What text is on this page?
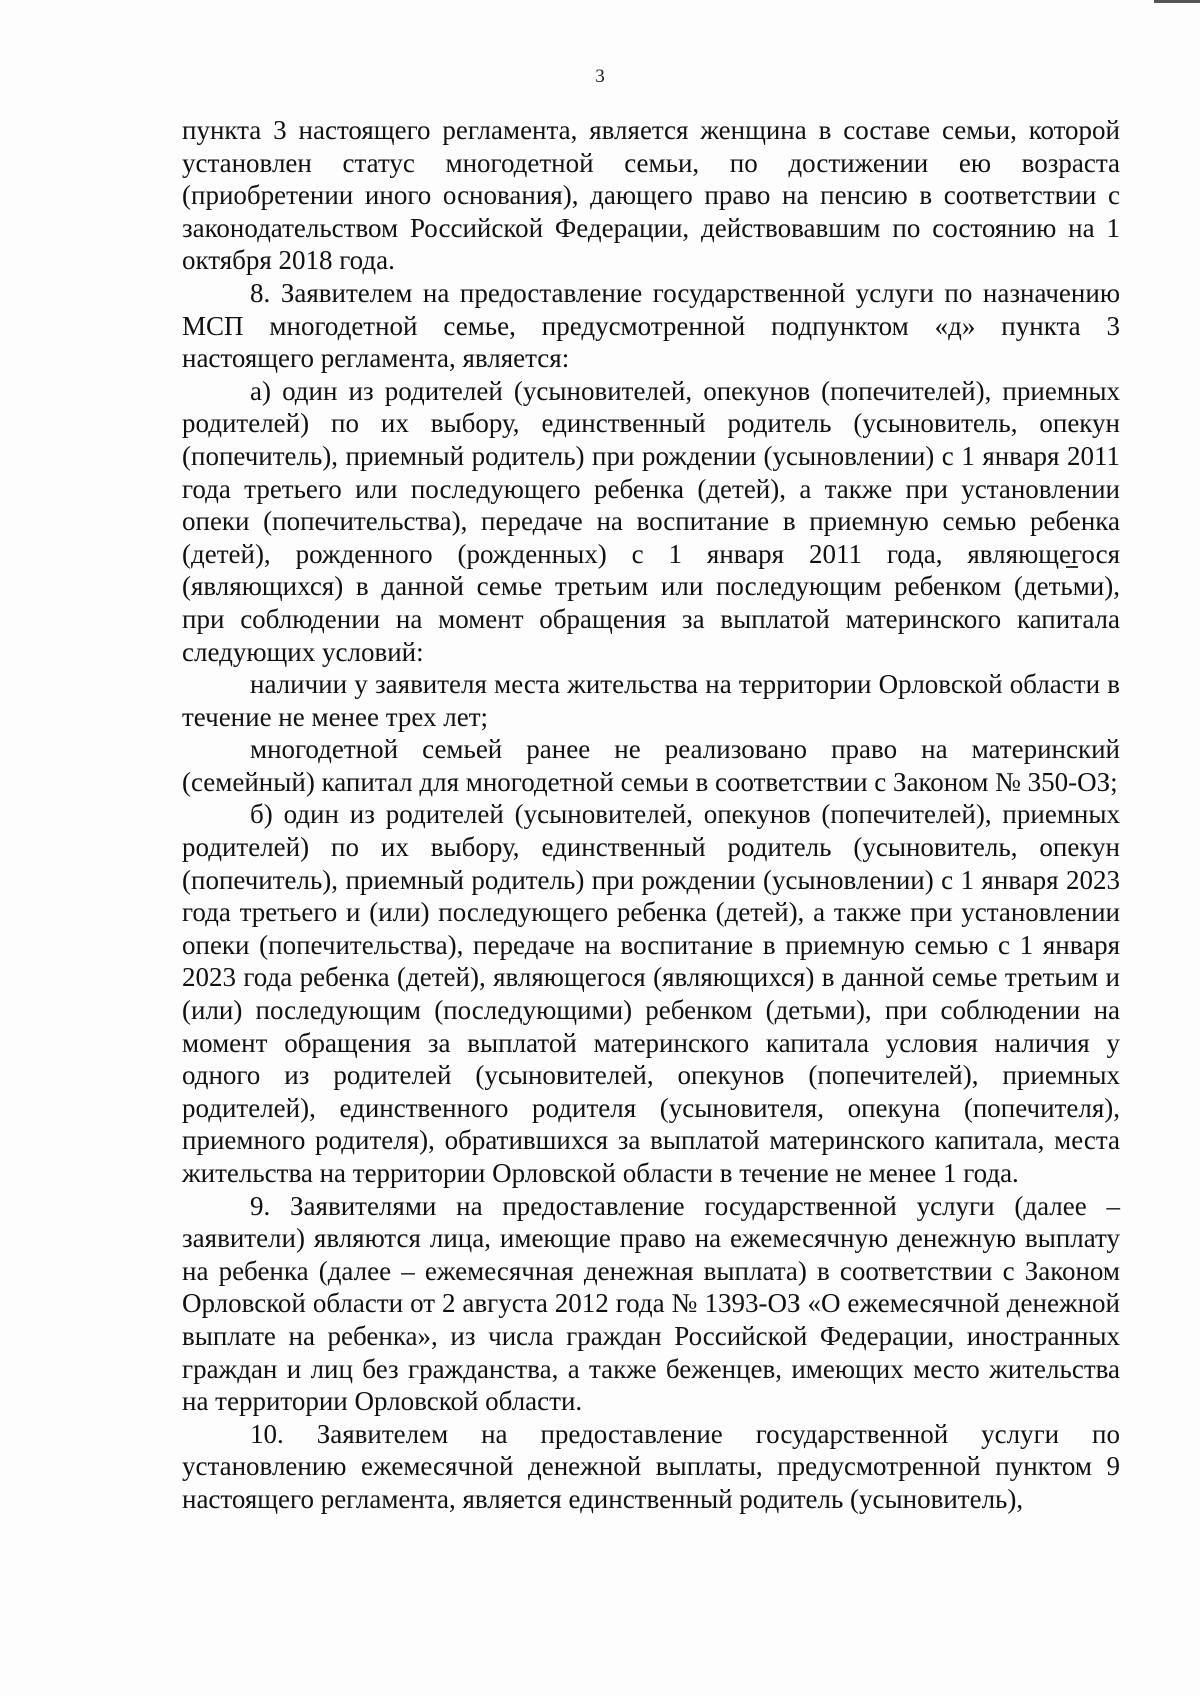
3

пункта 3 настоящего регламента, является женщина в составе семьи, которой установлен статус многодетной семьи, по достижении ею возраста (приобретении иного основания), дающего право на пенсию в соответствии с законодательством Российской Федерации, действовавшим по состоянию на 1 октября 2018 года.

8. Заявителем на предоставление государственной услуги по назначению МСП многодетной семье, предусмотренной подпунктом «д» пункта 3 настоящего регламента, является:

а) один из родителей (усыновителей, опекунов (попечителей), приемных родителей) по их выбору, единственный родитель (усыновитель, опекун (попечитель), приемный родитель) при рождении (усыновлении) с 1 января 2011 года третьего или последующего ребенка (детей), а также при установлении опеки (попечительства), передаче на воспитание в приемную семью ребенка (детей), рожденного (рожденных) с 1 января 2011 года, являющегося (являющихся) в данной семье третьим или последующим ребенком (детьми), при соблюдении на момент обращения за выплатой материнского капитала следующих условий:

наличии у заявителя места жительства на территории Орловской области в течение не менее трех лет;

многодетной семьей ранее не реализовано право на материнский (семейный) капитал для многодетной семьи в соответствии с Законом № 350-ОЗ;

б) один из родителей (усыновителей, опекунов (попечителей), приемных родителей) по их выбору, единственный родитель (усыновитель, опекун (попечитель), приемный родитель) при рождении (усыновлении) с 1 января 2023 года третьего и (или) последующего ребенка (детей), а также при установлении опеки (попечительства), передаче на воспитание в приемную семью с 1 января 2023 года ребенка (детей), являющегося (являющихся) в данной семье третьим и (или) последующим (последующими) ребенком (детьми), при соблюдении на момент обращения за выплатой материнского капитала условия наличия у одного из родителей (усыновителей, опекунов (попечителей), приемных родителей), единственного родителя (усыновителя, опекуна (попечителя), приемного родителя), обратившихся за выплатой материнского капитала, места жительства на территории Орловской области в течение не менее 1 года.

9. Заявителями на предоставление государственной услуги (далее – заявители) являются лица, имеющие право на ежемесячную денежную выплату на ребенка (далее – ежемесячная денежная выплата) в соответствии с Законом Орловской области от 2 августа 2012 года № 1393-ОЗ «О ежемесячной денежной выплате на ребенка», из числа граждан Российской Федерации, иностранных граждан и лиц без гражданства, а также беженцев, имеющих место жительства на территории Орловской области.

10. Заявителем на предоставление государственной услуги по установлению ежемесячной денежной выплаты, предусмотренной пунктом 9 настоящего регламента, является единственный родитель (усыновитель),
